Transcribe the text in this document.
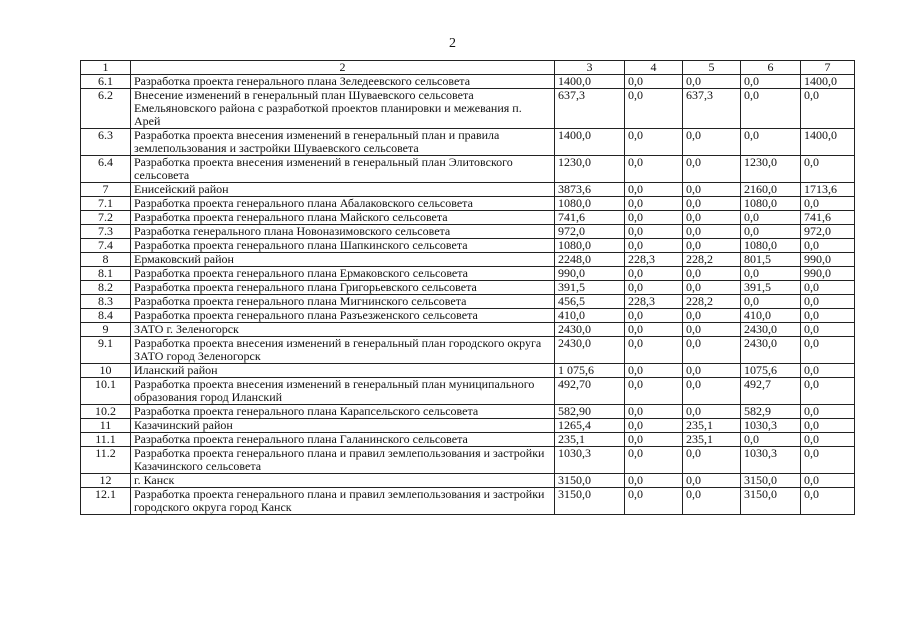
2
1	2	3	4	5	6	7
6.1	Разработка проекта генерального плана Зеледеевского сельсовета	1400,0	0,0	0,0	0,0	1400,0
6.2	Внесение изменений в генеральный план Шуваевского сельсовета Емельяновского района с разработкой проектов планировки и межевания п. Арей	637,3	0,0	637,3	0,0	0,0
6.3	Разработка проекта внесения изменений в генеральный план и правила землепользования и застройки Шуваевского сельсовета	1400,0	0,0	0,0	0,0	1400,0
6.4	Разработка проекта внесения изменений в генеральный план Элитовского сельсовета	1230,0	0,0	0,0	1230,0	0,0
7	Енисейский район	3873,6	0,0	0,0	2160,0	1713,6
7.1	Разработка проекта генерального плана Абалаковского сельсовета	1080,0	0,0	0,0	1080,0	0,0
7.2	Разработка проекта генерального плана Майского сельсовета	741,6	0,0	0,0	0,0	741,6
7.3	Разработка генерального плана Новоназимовского сельсовета	972,0	0,0	0,0	0,0	972,0
7.4	Разработка проекта генерального плана Шапкинского сельсовета	1080,0	0,0	0,0	1080,0	0,0
8	Ермаковский район	2248,0	228,3	228,2	801,5	990,0
8.1	Разработка проекта генерального плана Ермаковского сельсовета	990,0	0,0	0,0	0,0	990,0
8.2	Разработка проекта генерального плана Григорьевского сельсовета	391,5	0,0	0,0	391,5	0,0
8.3	Разработка проекта генерального плана Мигнинского сельсовета	456,5	228,3	228,2	0,0	0,0
8.4	Разработка проекта генерального плана Разъезженского сельсовета	410,0	0,0	0,0	410,0	0,0
9	ЗАТО г. Зеленогорск	2430,0	0,0	0,0	2430,0	0,0
9.1	Разработка проекта внесения изменений в генеральный план городского округа ЗАТО город Зеленогорск	2430,0	0,0	0,0	2430,0	0,0
10	Иланский район	1 075,6	0,0	0,0	1075,6	0,0
10.1	Разработка проекта внесения изменений в генеральный план муниципального образования город Иланский	492,70	0,0	0,0	492,7	0,0
10.2	Разработка проекта генерального плана Карапсельского сельсовета	582,90	0,0	0,0	582,9	0,0
11	Казачинский район	1265,4	0,0	235,1	1030,3	0,0
11.1	Разработка проекта генерального плана Галанинского сельсовета	235,1	0,0	235,1	0,0	0,0
11.2	Разработка проекта генерального плана и правил землепользования и застройки Казачинского сельсовета	1030,3	0,0	0,0	1030,3	0,0
12	г. Канск	3150,0	0,0	0,0	3150,0	0,0
12.1	Разработка проекта генерального плана и правил землепользования и застройки городского округа город Канск	3150,0	0,0	0,0	3150,0	0,0
